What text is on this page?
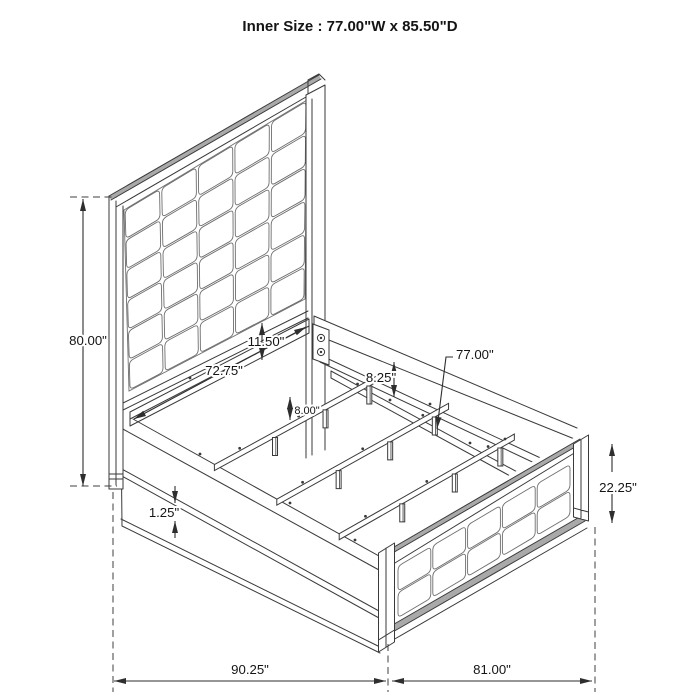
Inner Size : 77.00"W x 85.50"D
80.00"	11.50"
72.75"	8.25"
8.00"
77.00"
22.25"
1.25"
90.25"	81.00"
